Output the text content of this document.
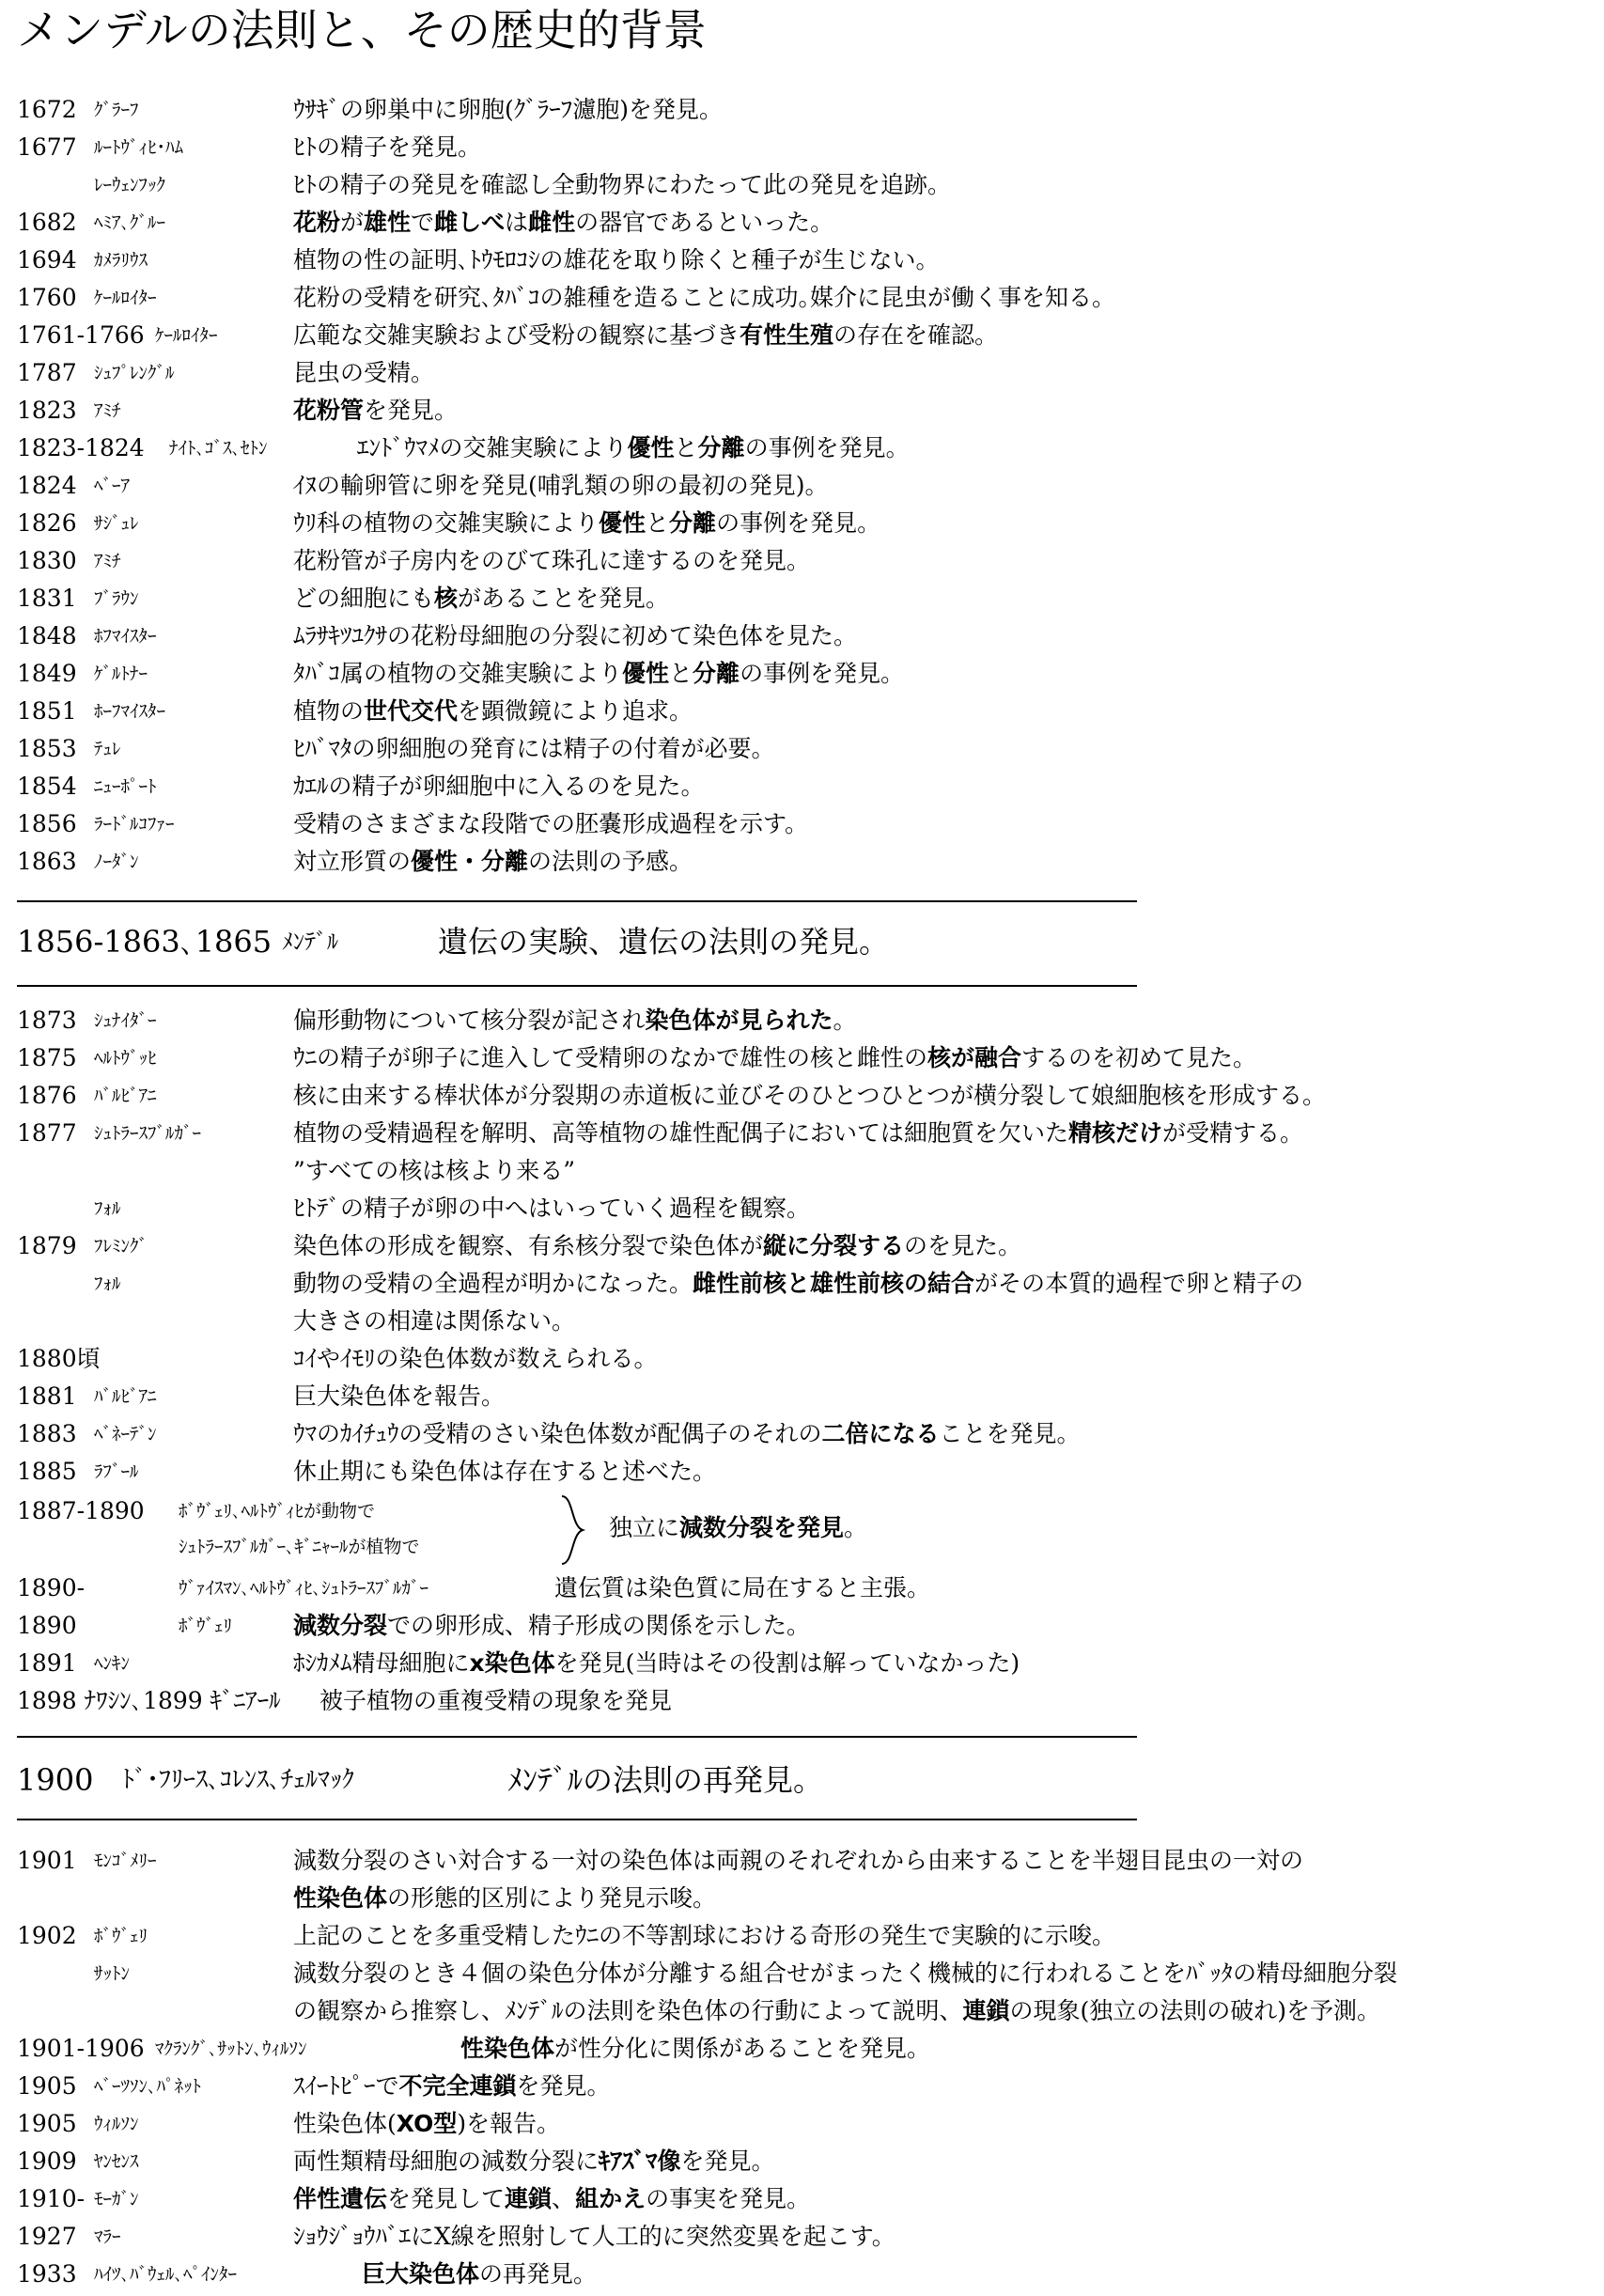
メンデルの法則と、その歴史的背景
1672 ｸﾞﾗｰﾌ	ｳｻｷﾞの卵巣中に卵胞(ｸﾞﾗｰﾌ濾胞)を発見。
1677 ﾙｰﾄｳﾞｨﾋ･ﾊﾑ	ﾋﾄの精子を発見。
ﾚｰｳｪﾝﾌｯｸ	ﾋﾄの精子の発見を確認し全動物界にわたって此の発見を追跡。
1682 ﾍﾐｱ､ｸﾞﾙｰ	花粉が雄性で雌しべは雌性の器官であるといった。
1694 ｶﾒﾗﾘｳｽ	植物の性の証明､ﾄｳﾓﾛｺｼの雄花を取り除くと種子が生じない。
1760 ｹｰﾙﾛｲﾀｰ	花粉の受精を研究､ﾀﾊﾞｺの雑種を造ることに成功｡媒介に昆虫が働く事を知る。
1761-1766 ｹｰﾙﾛｲﾀｰ	広範な交雑実験および受粉の観察に基づき有性生殖の存在を確認。
1787 ｼｭﾌﾟﾚﾝｸﾞﾙ	昆虫の受精。
1823 ｱﾐﾁ	花粉管を発見。
1823-1824 ﾅｲﾄ､ｺﾞｽ､ｾﾄﾝ	ｴﾝﾄﾞｳﾏﾒの交雑実験により優性と分離の事例を発見。
1824 ﾍﾞｰｱ	ｲﾇの輸卵管に卵を発見(哺乳類の卵の最初の発見)。
1826 ｻｼﾞｭﾚ	ｳﾘ科の植物の交雑実験により優性と分離の事例を発見。
1830 ｱﾐﾁ	花粉管が子房内をのびて珠孔に達するのを発見。
1831 ﾌﾞﾗｳﾝ	どの細胞にも核があることを発見。
1848 ﾎﾌﾏｲｽﾀｰ	ﾑﾗｻｷﾂﾕｸｻの花粉母細胞の分裂に初めて染色体を見た。
1849 ｹﾞﾙﾄﾅｰ	ﾀﾊﾞｺ属の植物の交雑実験により優性と分離の事例を発見。
1851 ﾎｰﾌﾏｲｽﾀｰ	植物の世代交代を顕微鏡により追求。
1853 ﾃｭﾚ	ﾋﾊﾞﾏﾀの卵細胞の発育には精子の付着が必要。
1854 ﾆｭｰﾎﾟｰﾄ	ｶｴﾙの精子が卵細胞中に入るのを見た。
1856 ﾗｰﾄﾞﾙｺﾌｧｰ	受精のさまざまな段階での胚嚢形成過程を示す。
1863 ﾉｰﾀﾞﾝ	対立形質の優性・分離の法則の予感。
1856-1863､1865 ﾒﾝﾃﾞﾙ	遺伝の実験、遺伝の法則の発見。
1873 ｼｭﾅｲﾀﾞｰ	偏形動物について核分裂が記され染色体が見られた。
1875 ﾍﾙﾄｳﾞｯﾋ	ｳﾆの精子が卵子に進入して受精卵のなかで雄性の核と雌性の核が融合するのを初めて見た。
1876 ﾊﾞﾙﾋﾞｱﾆ	核に由来する棒状体が分裂期の赤道板に並びそのひとつひとつが横分裂して娘細胞核を形成する。
1877 ｼｭﾄﾗｰｽﾌﾞﾙｶﾞｰ	植物の受精過程を解明、高等植物の雄性配偶子においては細胞質を欠いた精核だけが受精する。
”すべての核は核より来る”
ﾌｫﾙ	ﾋﾄﾃﾞの精子が卵の中へはいっていく過程を観察。
1879 ﾌﾚﾐﾝｸﾞ	染色体の形成を観察、有糸核分裂で染色体が縦に分裂するのを見た。
ﾌｫﾙ	動物の受精の全過程が明かになった。雌性前核と雄性前核の結合がその本質的過程で卵と精子の
大きさの相違は関係ない。
1880頃	ｺｲやｲﾓﾘの染色体数が数えられる。
1881 ﾊﾞﾙﾋﾞｱﾆ	巨大染色体を報告。
1883 ﾍﾞﾈｰﾃﾞﾝ	ｳﾏのｶｲﾁｭｳの受精のさい染色体数が配偶子のそれの二倍になることを発見。
1885 ﾗﾌﾞｰﾙ	休止期にも染色体は存在すると述べた。
1887-1890 ﾎﾞｳﾞｪﾘ､ﾍﾙﾄｳﾞｨﾋが動物で
ｼｭﾄﾗｰｽﾌﾞﾙｶﾞｰ､ｷﾞﾆｬｰﾙが植物で
独立に減数分裂を発見。
1890-	ｳﾞｧｲｽﾏﾝ､ﾍﾙﾄｳﾞｨﾋ､ｼｭﾄﾗｰｽﾌﾞﾙｶﾞｰ	遺伝質は染色質に局在すると主張。
1890	ﾎﾞｳﾞｪﾘ	減数分裂での卵形成、精子形成の関係を示した。
1891 ﾍﾝｷﾝ	ﾎｼｶﾒﾑ精母細胞にx染色体を発見(当時はその役割は解っていなかった)
1898 ﾅﾜｼﾝ､1899 ｷﾞﾆｱｰﾙ 被子植物の重複受精の現象を発見
1900 ﾄﾞ･ﾌﾘｰｽ､ｺﾚﾝｽ､ﾁｪﾙﾏｯｸ	ﾒﾝﾃﾞﾙの法則の再発見。
1901 ﾓﾝｺﾞﾒﾘｰ	減数分裂のさい対合する一対の染色体は両親のそれぞれから由来することを半翅目昆虫の一対の
性染色体の形態的区別により発見示唆。
1902 ﾎﾞｳﾞｪﾘ	上記のことを多重受精したｳﾆの不等割球における奇形の発生で実験的に示唆。
ｻｯﾄﾝ	減数分裂のとき４個の染色分体が分離する組合せがまったく機械的に行われることをﾊﾞｯﾀの精母細胞分裂
の観察から推察し、ﾒﾝﾃﾞﾙの法則を染色体の行動によって説明、連鎖の現象(独立の法則の破れ)を予測。
1901-1906 ﾏｸﾗﾝｸﾞ､ｻｯﾄﾝ､ｳｨﾙｿﾝ	性染色体が性分化に関係があることを発見。
1905 ﾍﾞｰﾂｿﾝ､ﾊﾟﾈｯﾄ	ｽｲｰﾄﾋﾟｰで不完全連鎖を発見。
1905 ｳｨﾙｿﾝ	性染色体(XO型)を報告。
1909 ﾔﾝｾﾝｽ	両性類精母細胞の減数分裂にｷｱｽﾞﾏ像を発見。
1910- ﾓｰｶﾞﾝ	伴性遺伝を発見して連鎖、組かえの事実を発見。
1927 ﾏﾗｰ	ｼｮｳｼﾞｮｳﾊﾞｴにX線を照射して人工的に突然変異を起こす。
1933 ﾊｲﾂ､ﾊﾞｳｪﾙ､ﾍﾟｲﾝﾀｰ	巨大染色体の再発見。
